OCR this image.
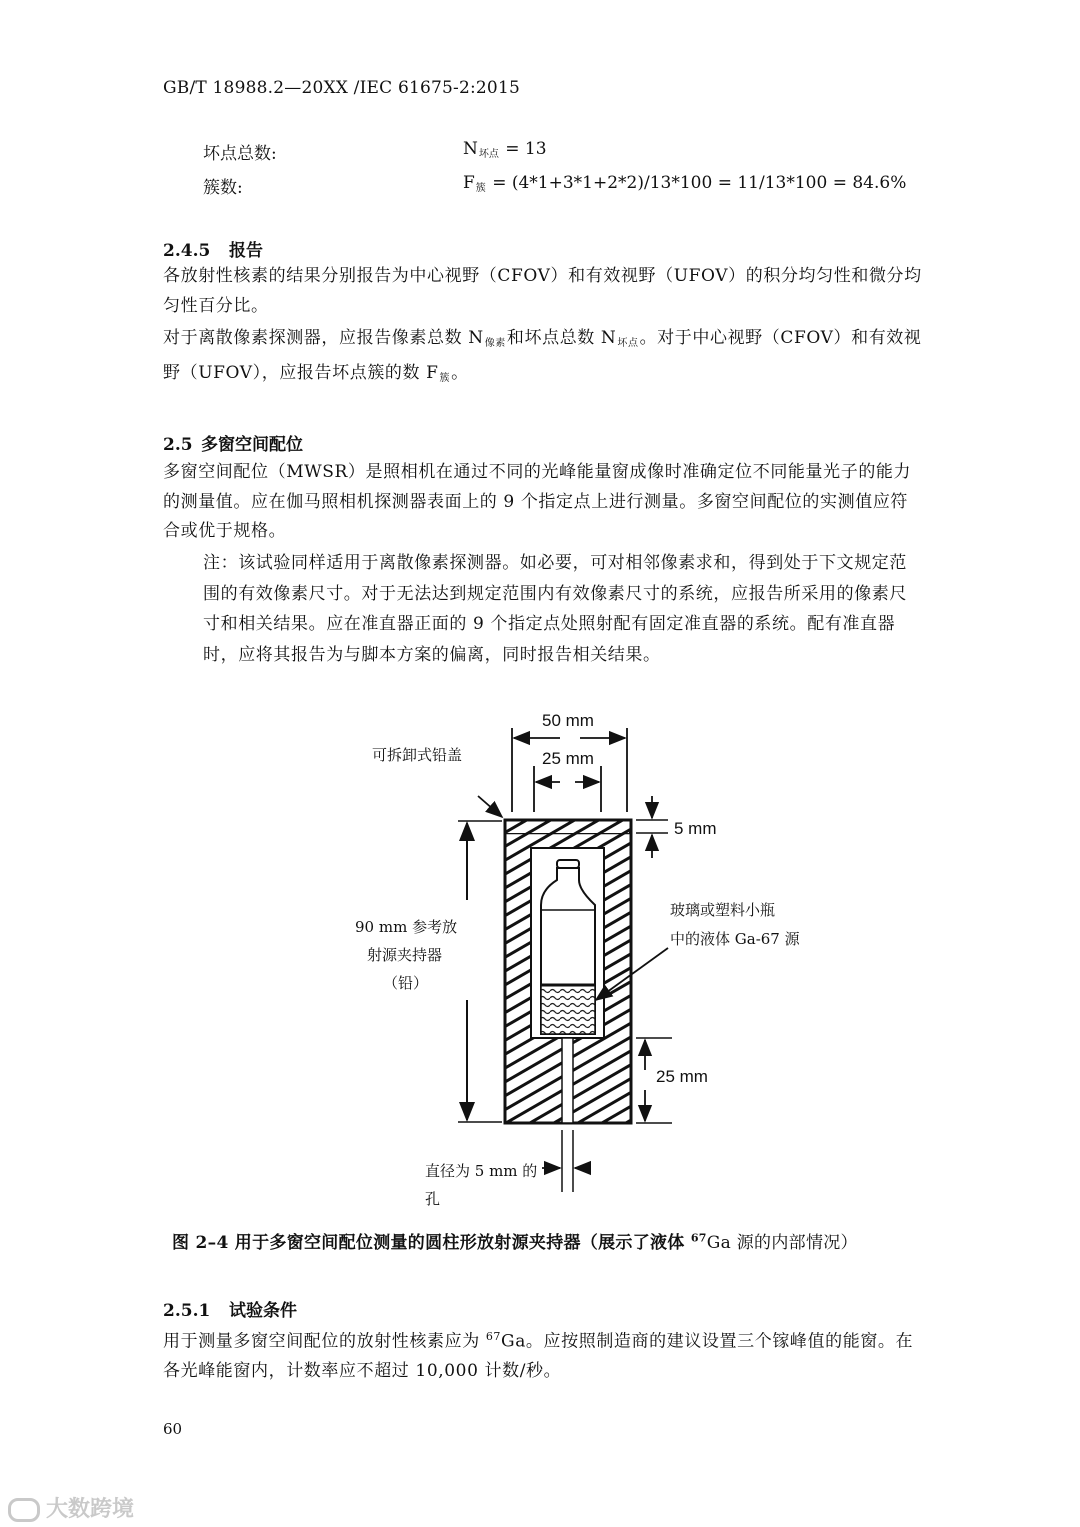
GB/T 18988.2—20XX /IEC 61675-2:2015
坏点总数:	$N_{坏点} = 13$
簇数:	$F_簇 = (4*1+3*1+2*2)/13*100 = 11/13*100 = 84.6\%$
2.4.5 报告
各放射性核素的结果分别报告为中心视野（CFOV）和有效视野（UFOV）的积分均匀性和微分均匀性百分比。
对于离散像素探测器，应报告像素总数 $N_{像素}$和坏点总数 $N_{坏点}$。对于中心视野（CFOV）和有效视野（UFOV），应报告坏点簇的数 $F_簇$。
2.5 多窗空间配位
多窗空间配位（MWSR）是照相机在通过不同的光峰能量窗成像时准确定位不同能量光子的能力的测量值。应在伽马照相机探测器表面上的 9 个指定点上进行测量。多窗空间配位的实测值应符合或优于规格。
注：该试验同样适用于离散像素探测器。如必要，可对相邻像素求和，得到处于下文规定范围的有效像素尺寸。对于无法达到规定范围内有效像素尺寸的系统，应报告所采用的像素尺寸和相关结果。应在准直器正面的 9 个指定点处照射配有固定准直器的系统。配有准直器时，应将其报告为与脚本方案的偏离，同时报告相关结果。
50 mm
25 mm
5 mm
25 mm
可拆卸式铅盖
90 mm 参考放
射源夹持器
（铅）
玻璃或塑料小瓶
中的液体 Ga-67 源
直径为 5 mm 的
孔
图 2–4 用于多窗空间配位测量的圆柱形放射源夹持器（展示了液体 $^{67}$Ga 源的内部情况）
2.5.1 试验条件
用于测量多窗空间配位的放射性核素应为 $^{67}$Ga。应按照制造商的建议设置三个镓峰值的能窗。在各光峰能窗内，计数率应不超过 10,000 计数/秒。
60
大数跨境
